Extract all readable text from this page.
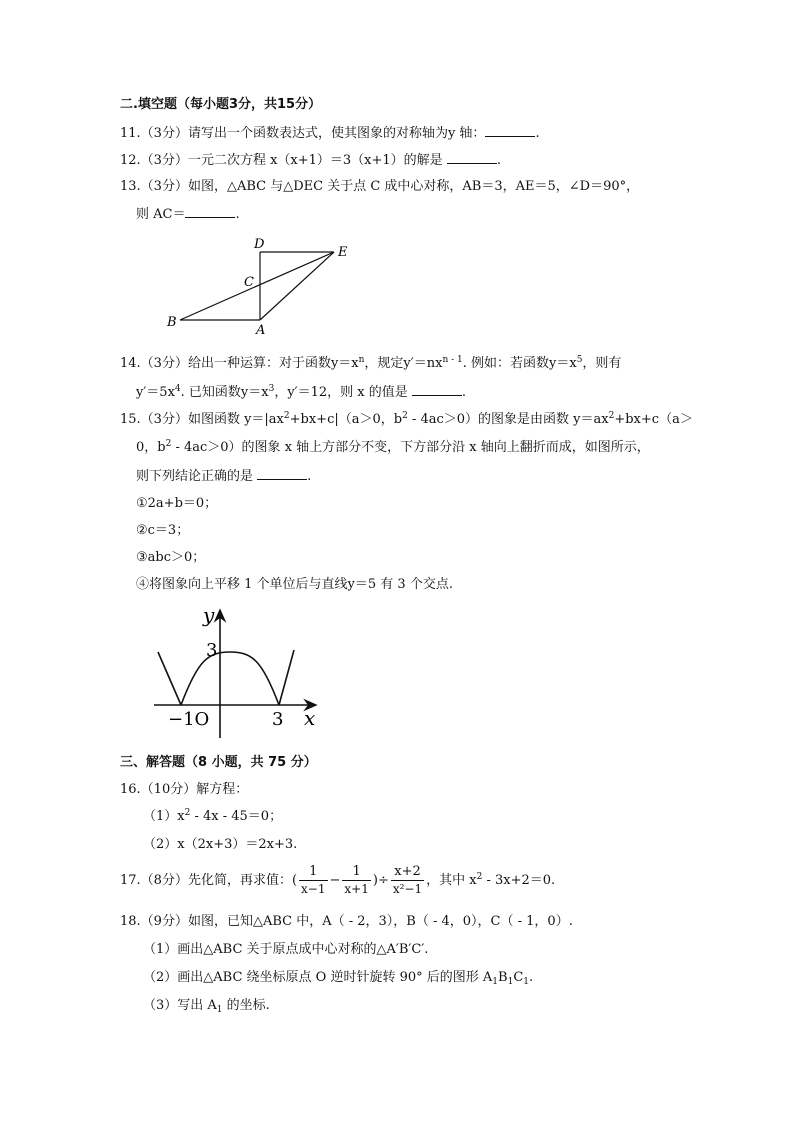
二.填空题（每小题3分，共15分）
11.（3分）请写出一个函数表达式，使其图象的对称轴为y 轴：	.
12.（3分）一元二次方程 x（x+1）＝3（x+1）的解是	.
13.（3分）如图，△ABC 与△DEC 关于点 C 成中心对称，AB＝3，AE＝5，∠D＝90°，
则 AC＝	.
D
E
C
B
A
14.（3分）给出一种运算：对于函数$y=x^n$，规定$y'=nx^{n - 1}$. 例如：若函数$y=x^5$，则有
$y'=5x^4$. 已知函数$y=x^3$，y′＝12，则 x 的值是	.
15.（3分）如图函数 $y=|ax^2+bx+c|(a>0$，$b^2 - 4ac>0$）的图象是由函数 $y=ax^2+bx+c(a>$
0，$b^2 - 4ac>0$）的图象 x 轴上方部分不变，下方部分沿 x 轴向上翻折而成，如图所示，
则下列结论正确的是	.
①2a+b＝0；
②c＝3；
③abc＞0；
④将图象向上平移 1 个单位后与直线y＝5 有 3 个交点.
y
3
−1O	3 x
三、解答题（8 小题，共 75 分）
16.（10分）解方程：
$(1)x^2 - 4x - 45=0$；
（2）x（2x+3）＝2x+3.
17.（8分）先化简，再求值：( $\frac{1}{x-1} - \frac{1}{x+1}$ )÷ $\frac{x+2}{\text{x²−1}}$ ，其中 $x^2 - 3x+2=0$.
18.（9分）如图，已知△ABC 中，A（ - 2，3），B（ - 4，0），C（ - 1，0）.
（1）画出△ABC 关于原点成中心对称的△A′B′C′.
（2）画出△ABC 绕坐标原点 O 逆时针旋转 90° 后的图形 $A_1B_1C_1$.
（3）写出 $A_1$ 的坐标.
